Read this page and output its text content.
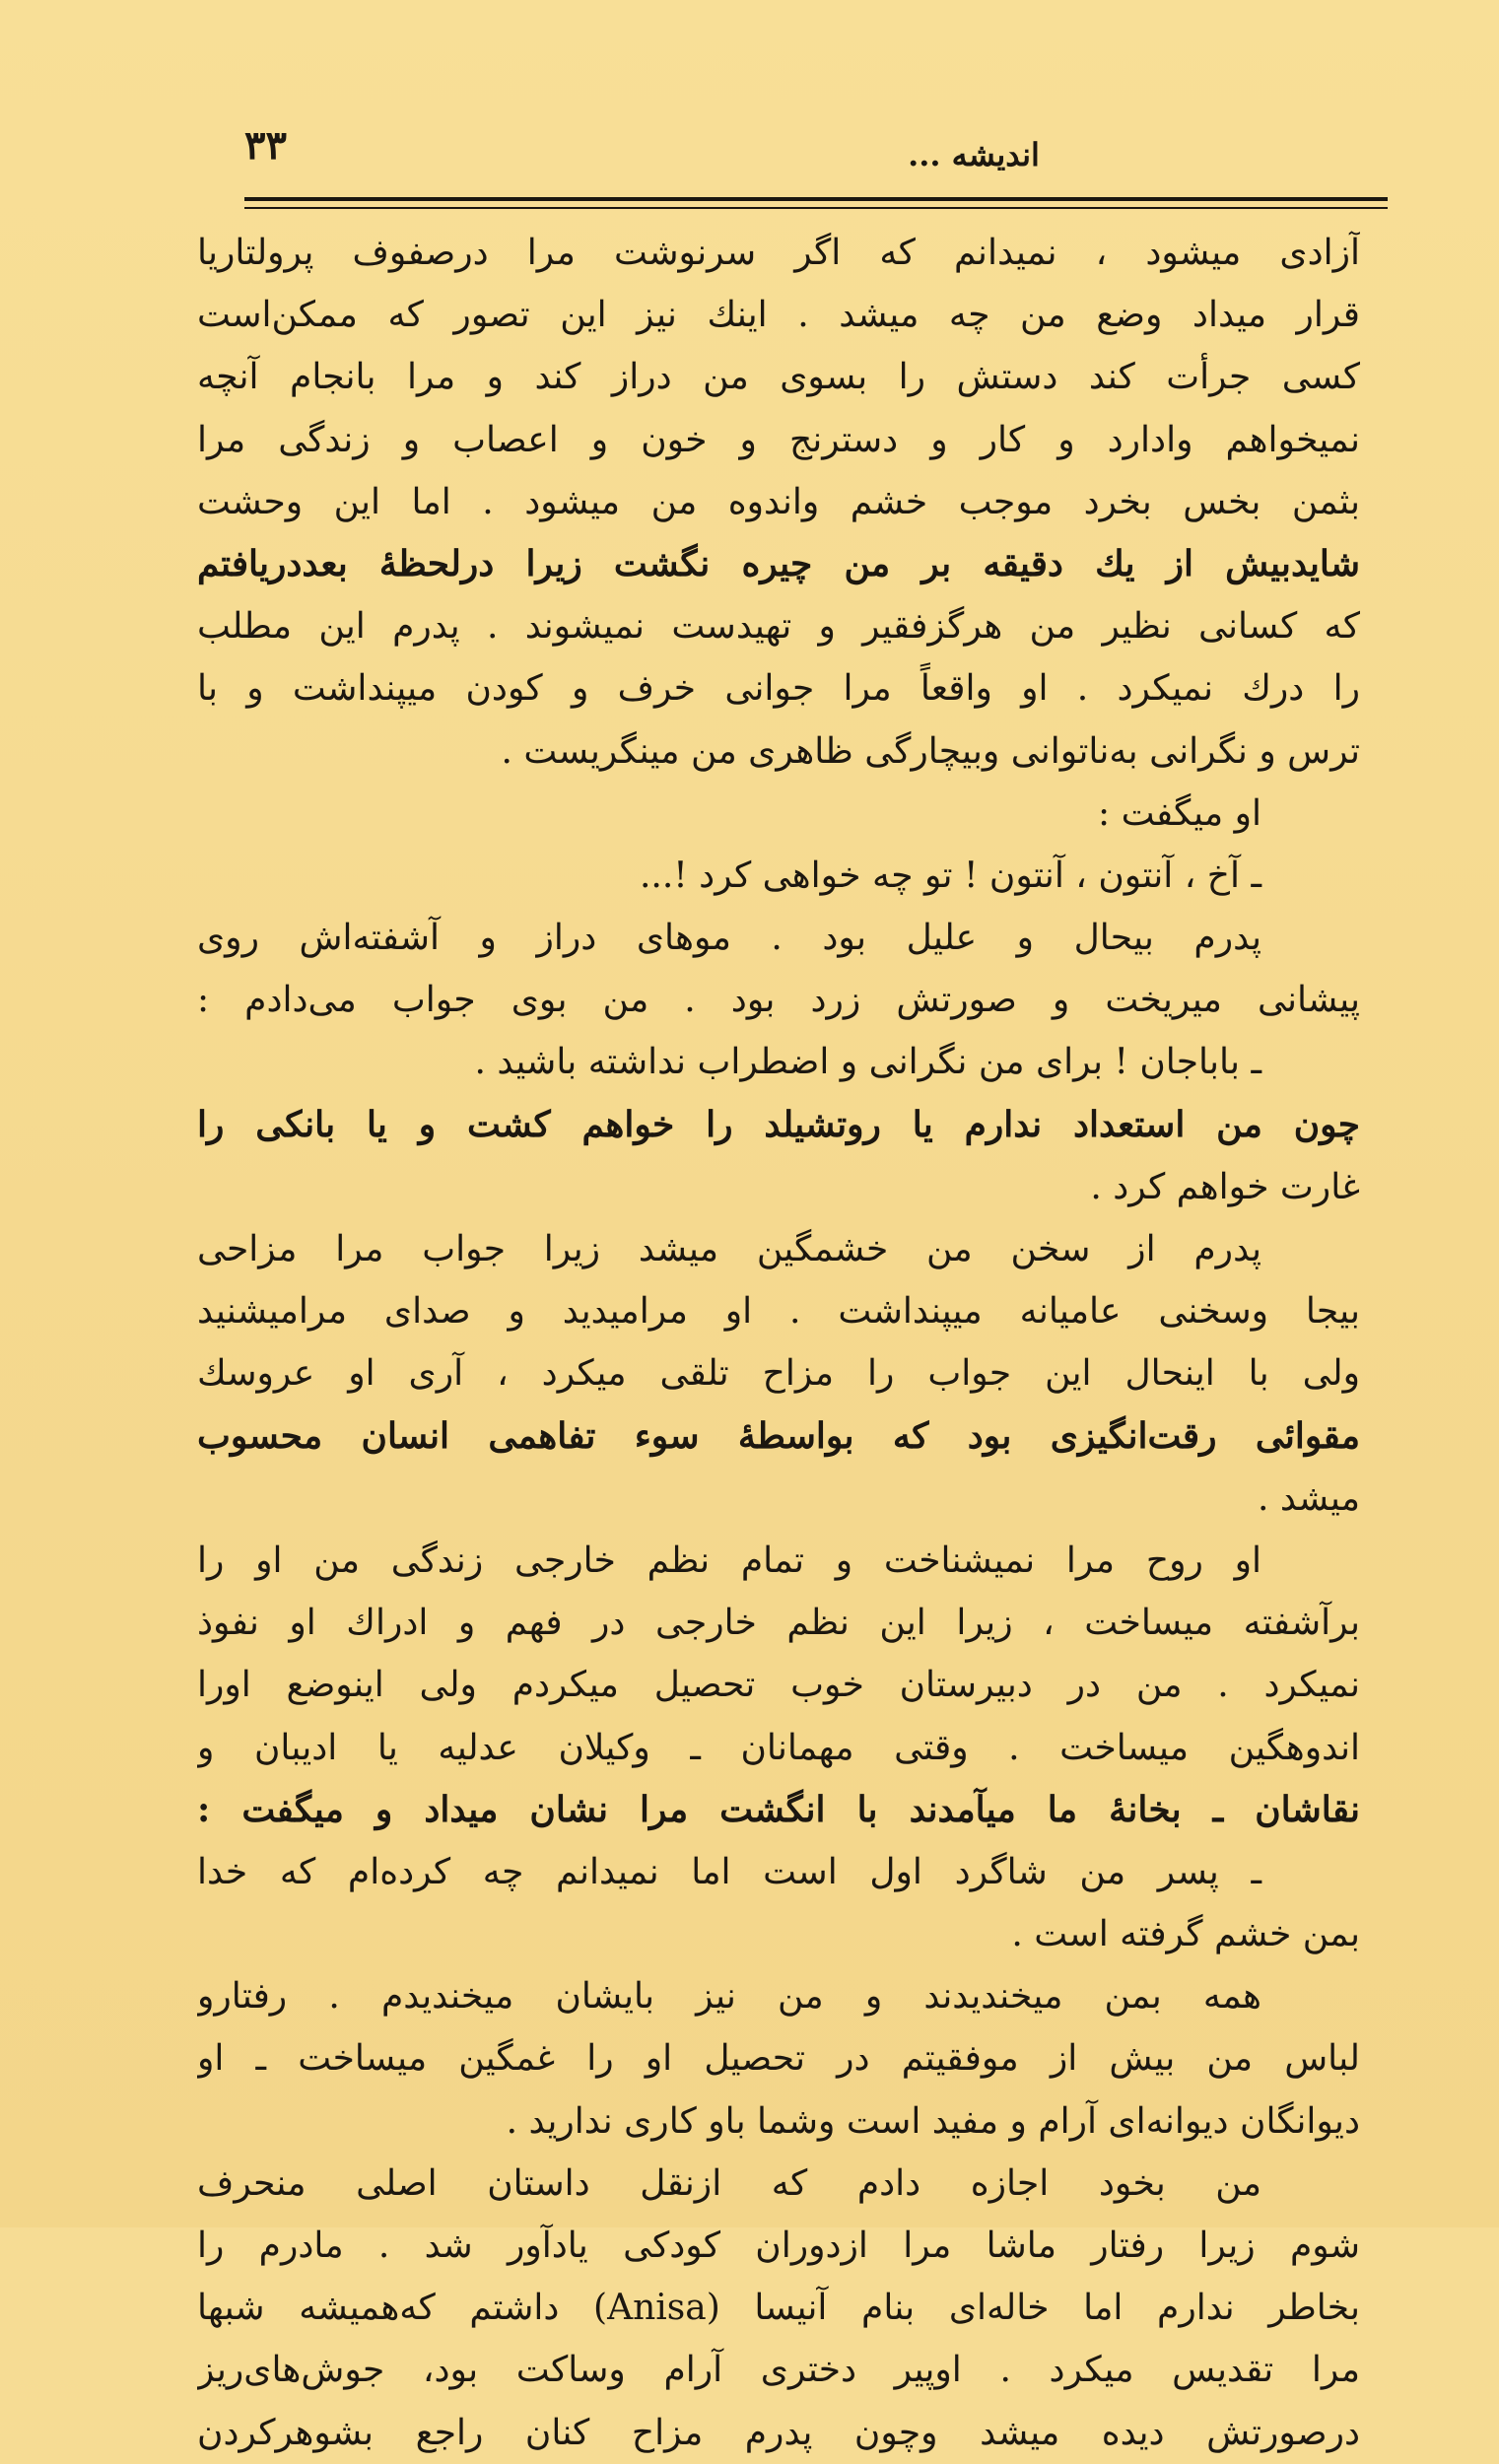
۳۳	اندیشه ...
آزادی میشود ، نمیدانم که اگر سرنوشت مرا درصفوف پرولتاریا
قرار میداد وضع من چه میشد . اینك نیز این تصور که ممکن‌است
کسی جرأت کند دستش را بسوی من دراز کند و مرا بانجام آنچه
نمیخواهم وادارد و کار و دسترنج و خون و اعصاب و زندگی مرا
بثمن بخس بخرد موجب خشم واندوه من میشود . اما این وحشت
شایدبیش از یك دقیقه بر من چیره نگشت زیرا درلحظهٔ بعددریافتم
که کسانی نظیر من هرگزفقیر و تهیدست نمیشوند . پدرم این مطلب
را درك نمیکرد . او واقعاً مرا جوانی خرف و کودن میپنداشت و با
ترس و نگرانی به‌ناتوانی وبیچارگی ظاهری من مینگریست .
او میگفت :
ـ آخ ، آنتون ، آنتون ! تو چه خواهی کرد !...
پدرم بیحال و علیل بود . موهای دراز و آشفته‌اش روی
پیشانی میریخت و صورتش زرد بود . من بوی جواب می‌دادم :
ـ باباجان ! برای من نگرانی و اضطراب نداشته باشید .
چون من استعداد ندارم یا روتشیلد را خواهم کشت و یا بانکی را
غارت خواهم کرد .
پدرم از سخن من خشمگین میشد زیرا جواب مرا مزاحی
بیجا وسخنی عامیانه میپنداشت . او مرامیدید و صدای مرامیشنید
ولی با اینحال این جواب را مزاح تلقی میکرد ، آری او عروسك
مقوائی رقت‌انگیزی بود که بواسطهٔ سوء تفاهمی انسان محسوب
میشد .
او روح مرا نمیشناخت و تمام نظم خارجی زندگی من او را
برآشفته میساخت ، زیرا این نظم خارجی در فهم و ادراك او نفوذ
نمیکرد . من در دبیرستان خوب تحصیل میکردم ولی اینوضع اورا
اندوهگین میساخت . وقتی مهمانان ـ وکیلان عدلیه یا ادیبان و
نقاشان ـ بخانهٔ ما میآمدند با انگشت مرا نشان میداد و میگفت :
ـ پسر من شاگرد اول است اما نمیدانم چه کرده‌ام که خدا
بمن خشم گرفته است .
همه بمن میخندیدند و من نیز بایشان میخندیدم . رفتارو
لباس من بیش از موفقیتم در تحصیل او را غمگین میساخت ـ او
دیوانگان دیوانه‌ای آرام و مفید است وشما باو کاری ندارید .
من بخود اجازه دادم که ازنقل داستان اصلی منحرف
شوم زیرا رفتار ماشا مرا ازدوران کودکی یادآور شد . مادرم را
بخاطر ندارم اما خاله‌ای بنام آنیسا (Anisa) داشتم که‌همیشه شبها
مرا تقدیس میکرد . اوپیر دختری آرام وساکت بود، جوش‌های‌ریز
درصورتش دیده میشد وچون پدرم مزاح کنان راجع بشوهرکردن
